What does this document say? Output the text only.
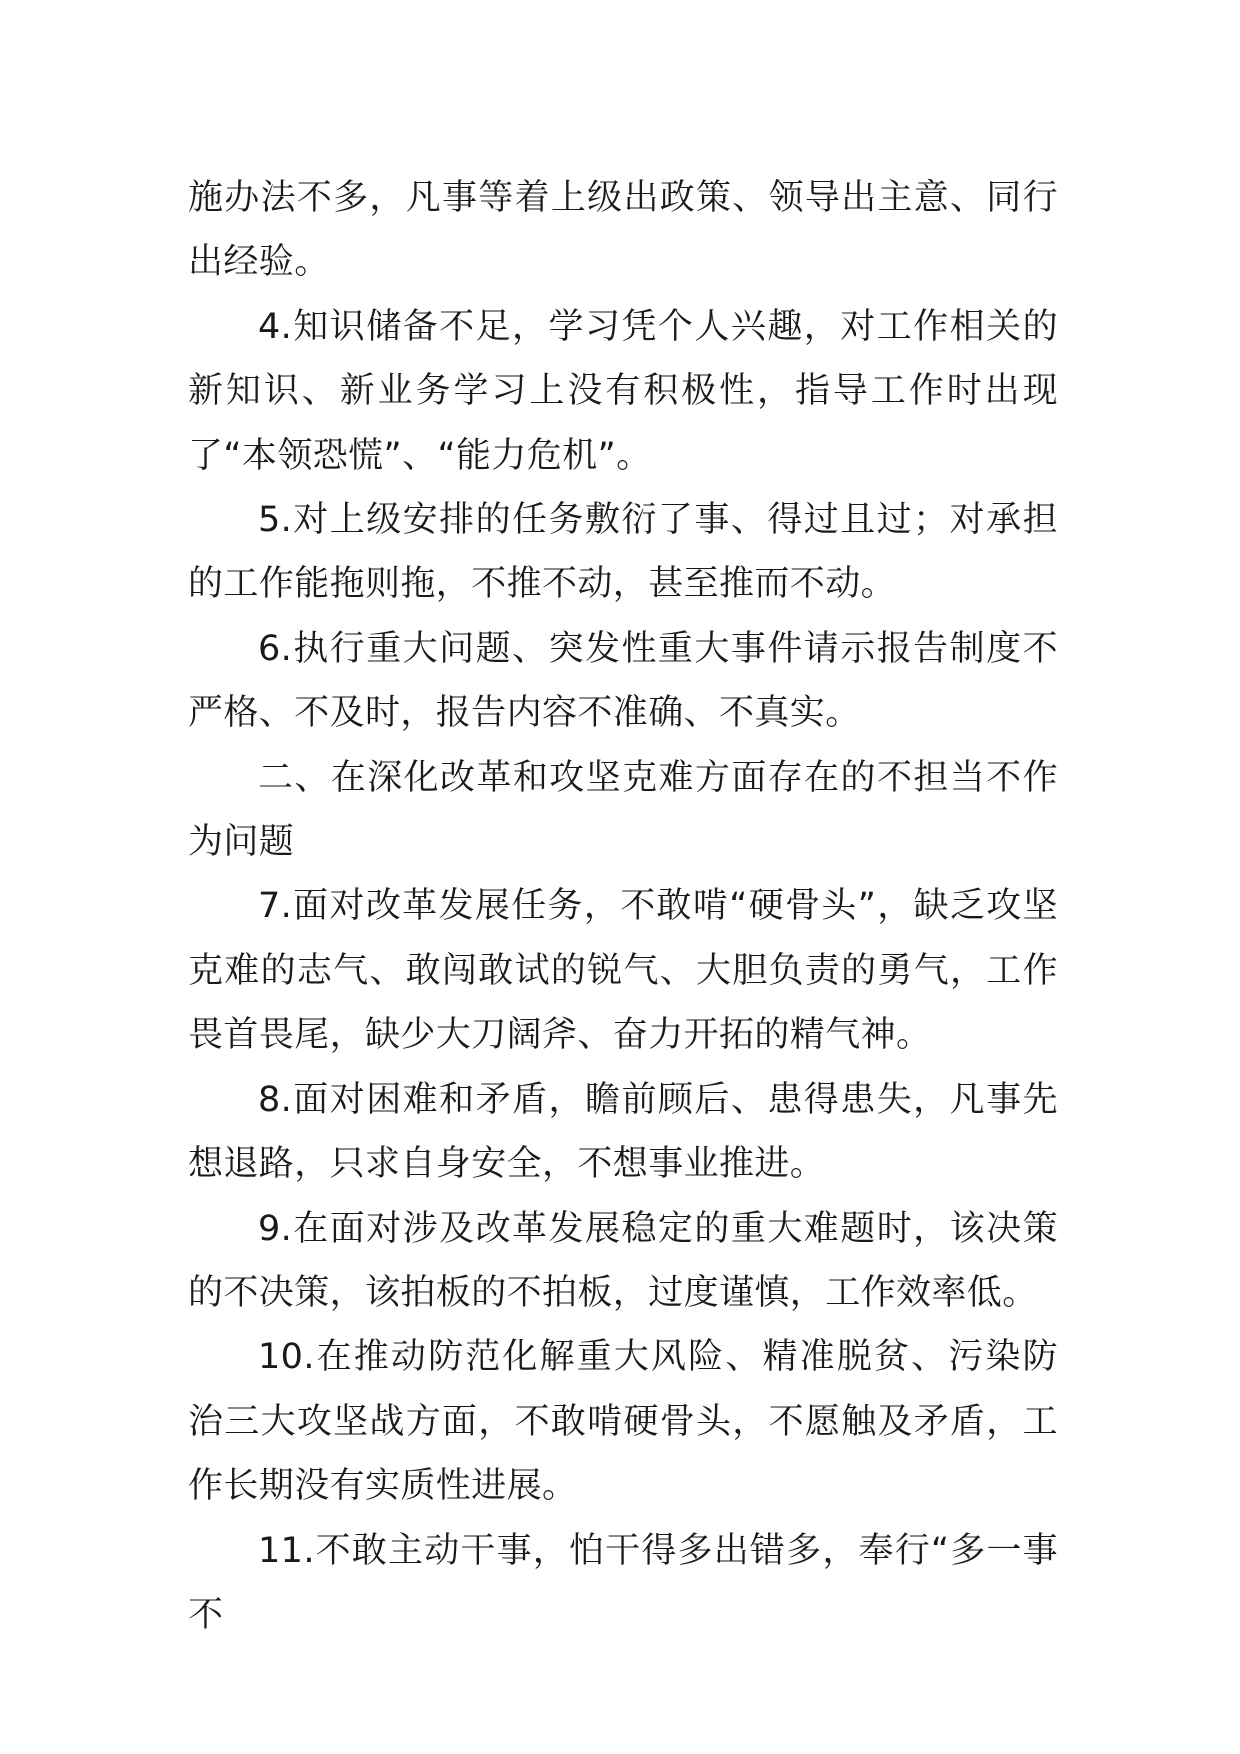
施办法不多，凡事等着上级出政策、领导出主意、同行出经验。

4.知识储备不足，学习凭个人兴趣，对工作相关的新知识、新业务学习上没有积极性，指导工作时出现了“本领恐慌”、“能力危机”。

5.对上级安排的任务敷衍了事、得过且过；对承担的工作能拖则拖，不推不动，甚至推而不动。

6.执行重大问题、突发性重大事件请示报告制度不严格、不及时，报告内容不准确、不真实。

二、在深化改革和攻坚克难方面存在的不担当不作为问题

7.面对改革发展任务，不敢啃“硬骨头”，缺乏攻坚克难的志气、敢闯敢试的锐气、大胆负责的勇气，工作畏首畏尾，缺少大刀阔斧、奋力开拓的精气神。

8.面对困难和矛盾，瞻前顾后、患得患失，凡事先想退路，只求自身安全，不想事业推进。

9.在面对涉及改革发展稳定的重大难题时，该决策的不决策，该拍板的不拍板，过度谨慎，工作效率低。

10.在推动防范化解重大风险、精准脱贫、污染防治三大攻坚战方面，不敢啃硬骨头，不愿触及矛盾，工作长期没有实质性进展。

11.不敢主动干事，怕干得多出错多，奉行“多一事不
